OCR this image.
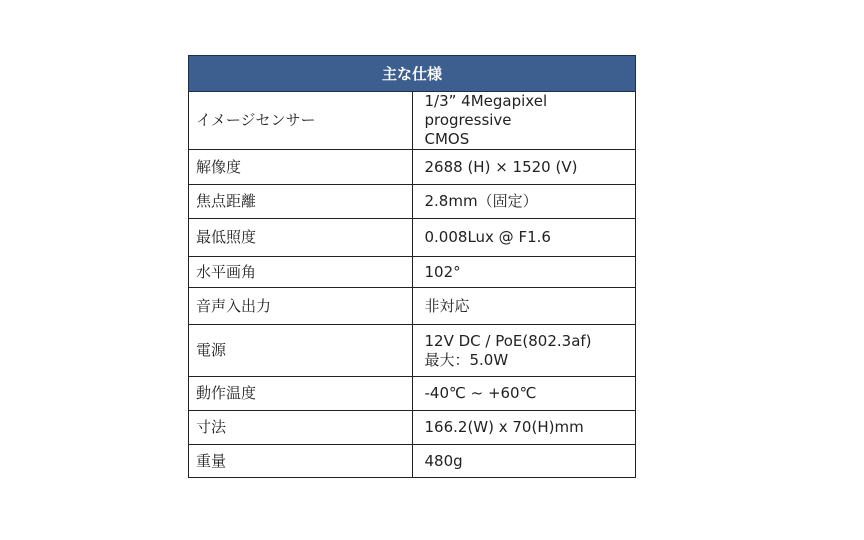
主な仕様	
イメージセンサー	1/3” 4Megapixel progressive
CMOS

解像度	2688 (H) × 1520 (V)

焦点距離	2.8mm（固定）

最低照度	0.008Lux @ F1.6

水平画角	102°

音声入出力	非対応

電源	12V DC / PoE(802.3af)
最大：5.0W

動作温度	-40℃ ~ +60℃

寸法	166.2(W) x 70(H)mm

重量	480g
